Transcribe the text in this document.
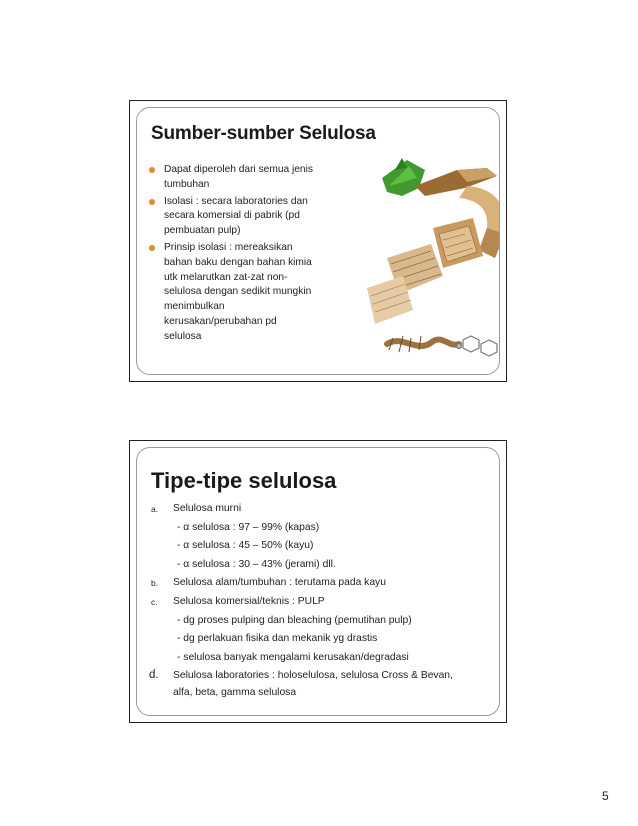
Sumber-sumber Selulosa
Dapat diperoleh dari semua jenis
tumbuhan
Isolasi : secara laboratories dan
secara komersial di pabrik (pd
pembuatan pulp)
Prinsip isolasi : mereaksikan
bahan baku dengan bahan kimia
utk melarutkan zat-zat non-
selulosa dengan sedikit mungkin
menimbulkan
kerusakan/perubahan pd
selulosa
Tipe-tipe selulosa
a. Selulosa murni
- α selulosa : 97 – 99% (kapas)
- α selulosa : 45 – 50% (kayu)
- α selulosa : 30 – 43% (jerami) dll.
b. Selulosa alam/tumbuhan : terutama pada kayu
c. Selulosa komersial/teknis : PULP
- dg proses pulping dan bleaching (pemutihan pulp)
- dg perlakuan fisika dan mekanik yg drastis
- selulosa banyak mengalami kerusakan/degradasi
d. Selulosa laboratories : holoselulosa, selulosa Cross & Bevan,
alfa, beta, gamma selulosa
5
